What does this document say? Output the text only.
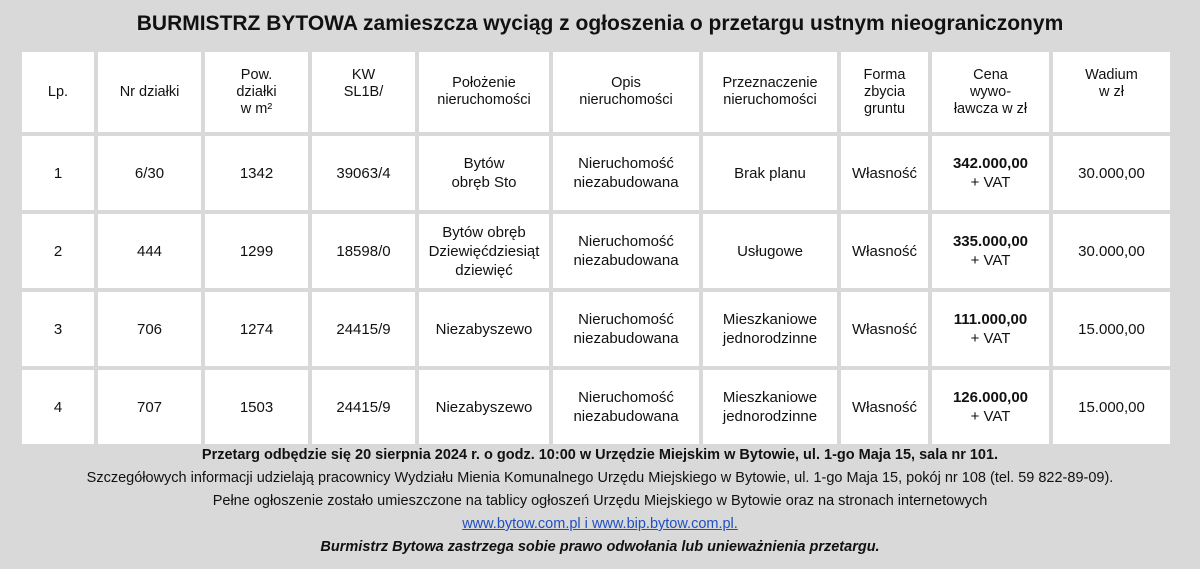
BURMISTRZ BYTOWA zamieszcza wyciąg z ogłoszenia o przetargu ustnym nieograniczonym
Lp.	Nr działki	Pow.
działki
w m²	KW
SL1B/	Położenie
nieruchomości	Opis
nieruchomości	Przeznaczenie
nieruchomości	Forma
zbycia
gruntu	Cena
wywo-
ławcza w zł	Wadium
w zł

1	6/30	1342	39063/4	Bytów
obręb Sto	Nieruchomość
niezabudowana	Brak planu	Własność	342.000,00
+ VAT	30.000,00
2	444	1299	18598/0	Bytów obręb
Dziewięćdziesiąt
dziewięć	Nieruchomość
niezabudowana	Usługowe	Własność	335.000,00
+ VAT	30.000,00
3	706	1274	24415/9	Niezabyszewo	Nieruchomość
niezabudowana	Mieszkaniowe
jednorodzinne	Własność	111.000,00
+ VAT	15.000,00
4	707	1503	24415/9	Niezabyszewo	Nieruchomość
niezabudowana	Mieszkaniowe
jednorodzinne	Własność	126.000,00
+ VAT	15.000,00
Przetarg odbędzie się 20 sierpnia 2024 r. o godz. 10:00 w Urzędzie Miejskim w Bytowie, ul. 1-go Maja 15, sala nr 101.
Szczegółowych informacji udzielają pracownicy Wydziału Mienia Komunalnego Urzędu Miejskiego w Bytowie, ul. 1-go Maja 15, pokój nr 108 (tel. 59 822-89-09).
Pełne ogłoszenie zostało umieszczone na tablicy ogłoszeń Urzędu Miejskiego w Bytowie oraz na stronach internetowych
www.bytow.com.pl i www.bip.bytow.com.pl.
Burmistrz Bytowa zastrzega sobie prawo odwołania lub unieważnienia przetargu.
